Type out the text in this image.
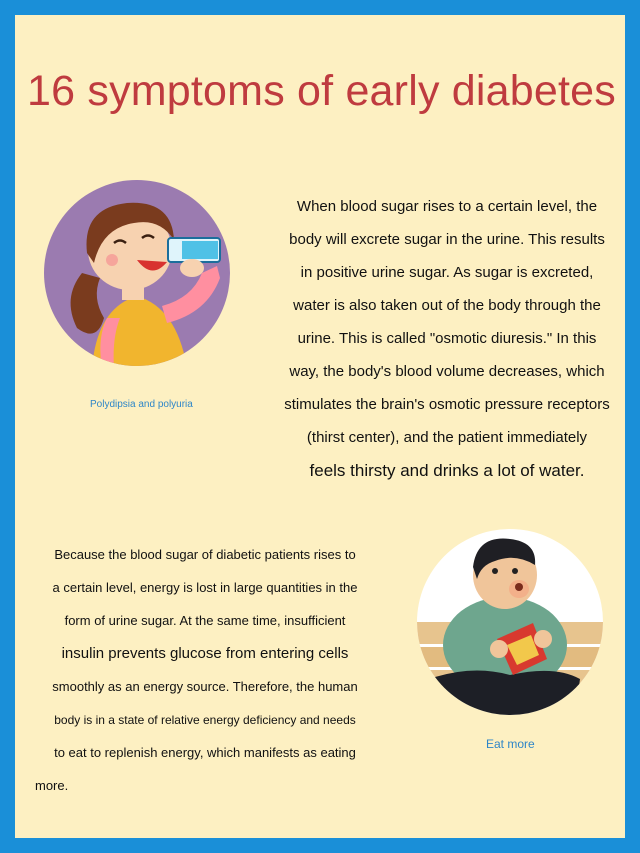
16 symptoms of early diabetes
Polydipsia and polyuria
When blood sugar rises to a certain level, the
body will excrete sugar in the urine. This results
in positive urine sugar. As sugar is excreted,
water is also taken out of the body through the
urine. This is called "osmotic diuresis." In this
way, the body's blood volume decreases, which
stimulates the brain's osmotic pressure receptors
(thirst center), and the patient immediately
feels thirsty and drinks a lot of water.
Because the blood sugar of diabetic patients rises to
a certain level, energy is lost in large quantities in the
form of urine sugar. At the same time, insufficient
insulin prevents glucose from entering cells
smoothly as an energy source. Therefore, the human
body is in a state of relative energy deficiency and needs
to eat to replenish energy, which manifests as eating
more.
Eat more
